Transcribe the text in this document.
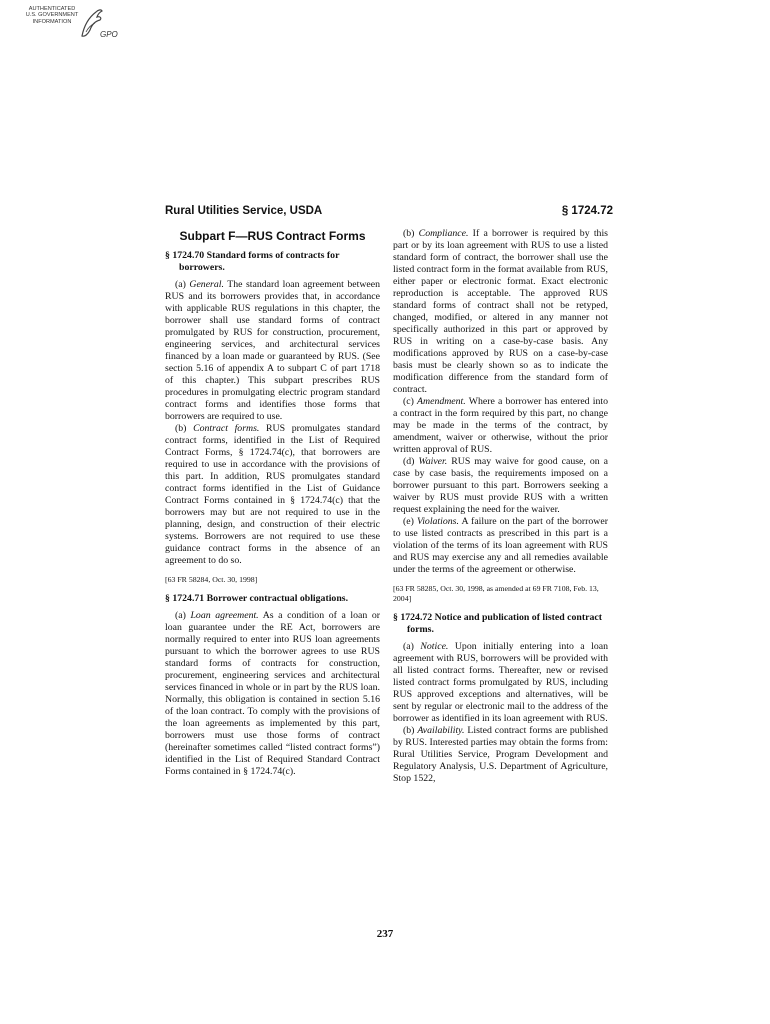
AUTHENTICATED
U.S. GOVERNMENT
INFORMATION
GPO
Rural Utilities Service, USDA	§ 1724.72
Subpart F—RUS Contract Forms
§ 1724.70 Standard forms of contracts for borrowers.

(a) General. The standard loan agreement between RUS and its borrowers provides that, in accordance with applicable RUS regulations in this chapter, the borrower shall use standard forms of contract promulgated by RUS for construction, procurement, engineering services, and architectural services financed by a loan made or guaranteed by RUS. (See section 5.16 of appendix A to subpart C of part 1718 of this chapter.) This subpart prescribes RUS procedures in promulgating electric program standard contract forms and identifies those forms that borrowers are required to use.

(b) Contract forms. RUS promulgates standard contract forms, identified in the List of Required Contract Forms, § 1724.74(c), that borrowers are required to use in accordance with the provisions of this part. In addition, RUS promulgates standard contract forms identified in the List of Guidance Contract Forms contained in § 1724.74(c) that the borrowers may but are not required to use in the planning, design, and construction of their electric systems. Borrowers are not required to use these guidance contract forms in the absence of an agreement to do so.

[63 FR 58284, Oct. 30, 1998]
§ 1724.71 Borrower contractual obligations.

(a) Loan agreement. As a condition of a loan or loan guarantee under the RE Act, borrowers are normally required to enter into RUS loan agreements pursuant to which the borrower agrees to use RUS standard forms of contracts for construction, procurement, engineering services and architectural services financed in whole or in part by the RUS loan. Normally, this obligation is contained in section 5.16 of the loan contract. To comply with the provisions of the loan agreements as implemented by this part, borrowers must use those forms of contract (hereinafter sometimes called “listed contract forms”) identified in the List of Required Standard Contract Forms contained in § 1724.74(c).

(b) Compliance. If a borrower is required by this part or by its loan agreement with RUS to use a listed standard form of contract, the borrower shall use the listed contract form in the format available from RUS, either paper or electronic format. Exact electronic reproduction is acceptable. The approved RUS standard forms of contract shall not be retyped, changed, modified, or altered in any manner not specifically authorized in this part or approved by RUS in writing on a case-by-case basis. Any modifications approved by RUS on a case-by-case basis must be clearly shown so as to indicate the modification difference from the standard form of contract.

(c) Amendment. Where a borrower has entered into a contract in the form required by this part, no change may be made in the terms of the contract, by amendment, waiver or otherwise, without the prior written approval of RUS.

(d) Waiver. RUS may waive for good cause, on a case by case basis, the requirements imposed on a borrower pursuant to this part. Borrowers seeking a waiver by RUS must provide RUS with a written request explaining the need for the waiver.

(e) Violations. A failure on the part of the borrower to use listed contracts as prescribed in this part is a violation of the terms of its loan agreement with RUS and RUS may exercise any and all remedies available under the terms of the agreement or otherwise.

[63 FR 58285, Oct. 30, 1998, as amended at 69 FR 7108, Feb. 13, 2004]
§ 1724.72 Notice and publication of listed contract forms.

(a) Notice. Upon initially entering into a loan agreement with RUS, borrowers will be provided with all listed contract forms. Thereafter, new or revised listed contract forms promulgated by RUS, including RUS approved exceptions and alternatives, will be sent by regular or electronic mail to the address of the borrower as identified in its loan agreement with RUS.

(b) Availability. Listed contract forms are published by RUS. Interested parties may obtain the forms from: Rural Utilities Service, Program Development and Regulatory Analysis, U.S. Department of Agriculture, Stop 1522,

237
